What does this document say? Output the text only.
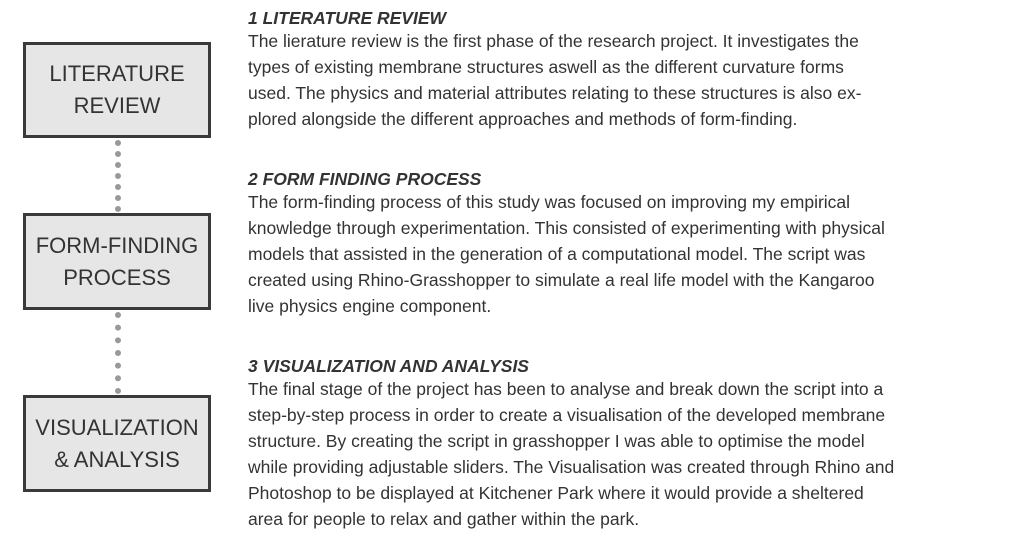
LITERATURE
REVIEW
FORM-FINDING
PROCESS
VISUALIZATION
& ANALYSIS

1 LITERATURE REVIEW

The lierature review is the first phase of the research project. It investigates the
types of existing membrane structures aswell as the different curvature forms
used. The physics and material attributes relating to these structures is also ex-
plored alongside the different approaches and methods of form-finding.

2 FORM FINDING PROCESS

The form-finding process of this study was focused on improving my empirical
knowledge through experimentation. This consisted of experimenting with physical
models that assisted in the generation of a computational model. The script was
created using Rhino-Grasshopper to simulate a real life model with the Kangaroo
live physics engine component.

3 VISUALIZATION AND ANALYSIS

The final stage of the project has been to analyse and break down the script into a
step-by-step process in order to create a visualisation of the developed membrane
structure. By creating the script in grasshopper I was able to optimise the model
while providing adjustable sliders. The Visualisation was created through Rhino and
Photoshop to be displayed at Kitchener Park where it would provide a sheltered
area for people to relax and gather within the park.
